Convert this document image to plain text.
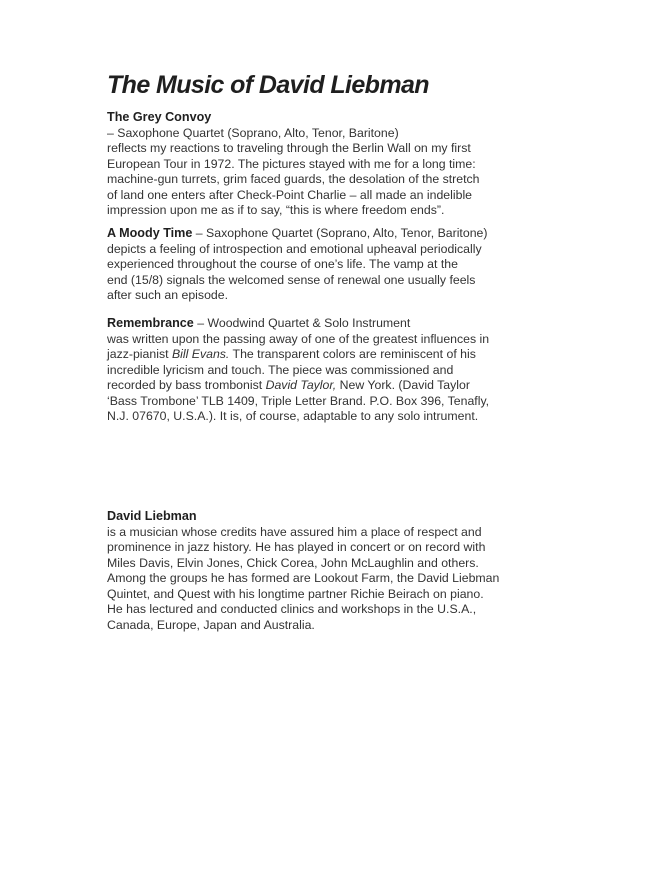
The Music of David Liebman
The Grey Convoy
– Saxophone Quartet (Soprano, Alto, Tenor, Baritone)
reflects my reactions to traveling through the Berlin Wall on my first
European Tour in 1972. The pictures stayed with me for a long time:
machine-gun turrets, grim faced guards, the desolation of the stretch
of land one enters after Check-Point Charlie – all made an indelible
impression upon me as if to say, “this is where freedom ends”.
A Moody Time – Saxophone Quartet (Soprano, Alto, Tenor, Baritone)
depicts a feeling of introspection and emotional upheaval periodically
experienced throughout the course of one’s life. The vamp at the
end (15/8) signals the welcomed sense of renewal one usually feels
after such an episode.
Remembrance – Woodwind Quartet & Solo Instrument
was written upon the passing away of one of the greatest influences in
jazz-pianist Bill Evans. The transparent colors are reminiscent of his
incredible lyricism and touch. The piece was commissioned and
recorded by bass trombonist David Taylor, New York. (David Taylor
‘Bass Trombone’ TLB 1409, Triple Letter Brand. P.O. Box 396, Tenafly,
N.J. 07670, U.S.A.). It is, of course, adaptable to any solo intrument.
David Liebman
is a musician whose credits have assured him a place of respect and
prominence in jazz history. He has played in concert or on record with
Miles Davis, Elvin Jones, Chick Corea, John McLaughlin and others.
Among the groups he has formed are Lookout Farm, the David Liebman
Quintet, and Quest with his longtime partner Richie Beirach on piano.
He has lectured and conducted clinics and workshops in the U.S.A.,
Canada, Europe, Japan and Australia.
